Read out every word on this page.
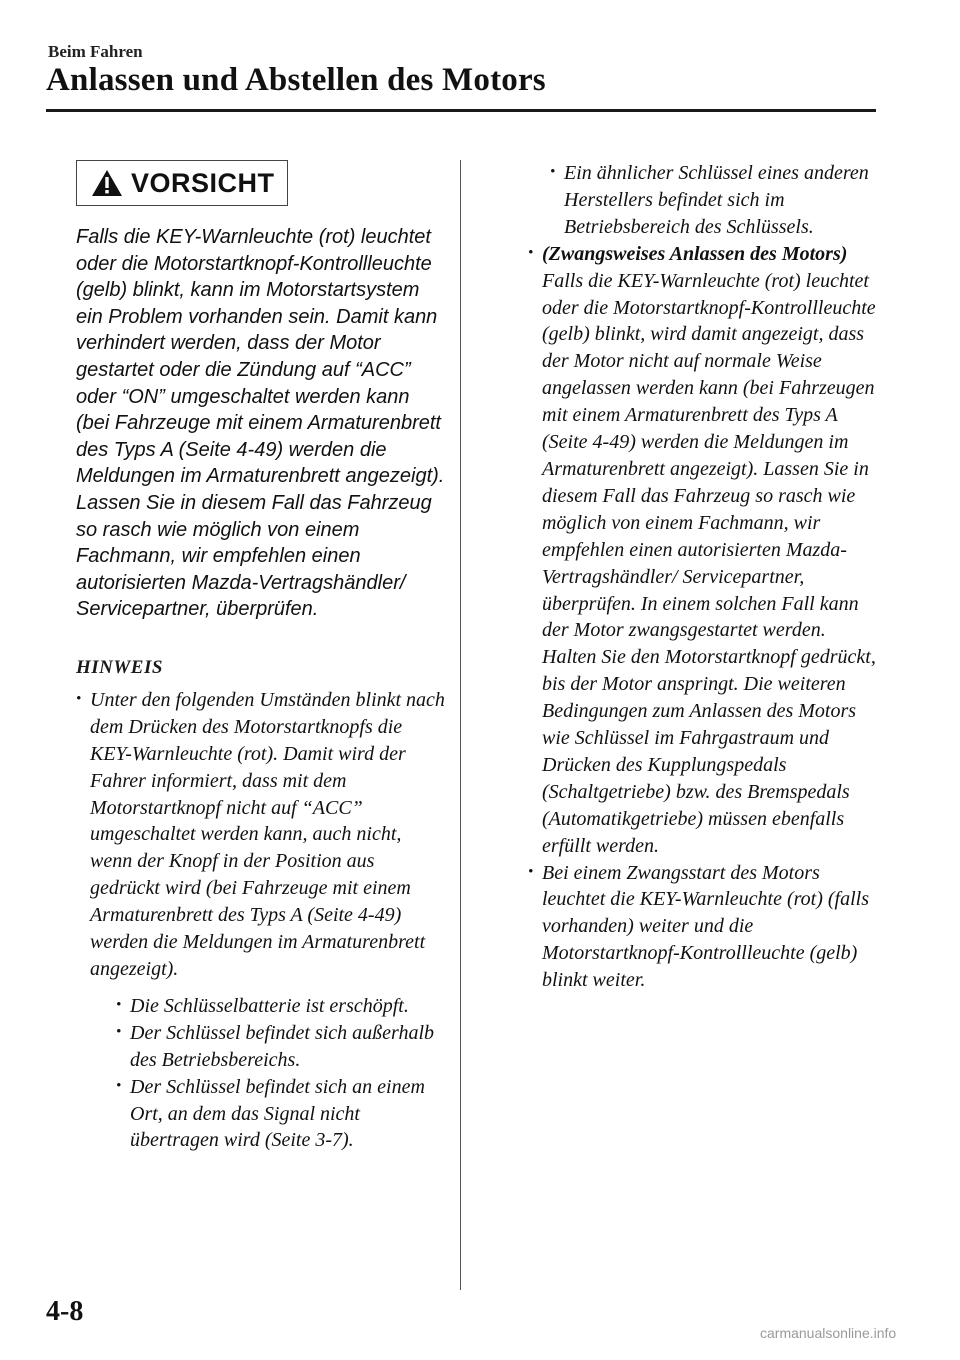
Beim Fahren
Anlassen und Abstellen des Motors
VORSICHT

Falls die KEY-Warnleuchte (rot) leuchtet oder die Motorstartknopf-Kontrollleuchte (gelb) blinkt, kann im Motorstartsystem ein Problem vorhanden sein. Damit kann verhindert werden, dass der Motor gestartet oder die Zündung auf “ACC” oder “ON” umgeschaltet werden kann (bei Fahrzeuge mit einem Armaturenbrett des Typs A (Seite 4-49) werden die Meldungen im Armaturenbrett angezeigt). Lassen Sie in diesem Fall das Fahrzeug so rasch wie möglich von einem Fachmann, wir empfehlen einen autorisierten Mazda-Vertragshändler/ Servicepartner, überprüfen.

HINWEIS
• Unter den folgenden Umständen blinkt nach dem Drücken des Motorstartknopfs die KEY-Warnleuchte (rot). Damit wird der Fahrer informiert, dass mit dem Motorstartknopf nicht auf “ACC” umgeschaltet werden kann, auch nicht, wenn der Knopf in der Position aus gedrückt wird (bei Fahrzeuge mit einem Armaturenbrett des Typs A (Seite 4-49) werden die Meldungen im Armaturenbrett angezeigt).
• Die Schlüsselbatterie ist erschöpft.
• Der Schlüssel befindet sich außerhalb des Betriebsbereichs.
• Der Schlüssel befindet sich an einem Ort, an dem das Signal nicht übertragen wird (Seite 3-7).
• Ein ähnlicher Schlüssel eines anderen Herstellers befindet sich im Betriebsbereich des Schlüssels.
• (Zwangsweises Anlassen des Motors)
Falls die KEY-Warnleuchte (rot) leuchtet oder die Motorstartknopf-Kontrollleuchte (gelb) blinkt, wird damit angezeigt, dass der Motor nicht auf normale Weise angelassen werden kann (bei Fahrzeugen mit einem Armaturenbrett des Typs A (Seite 4-49) werden die Meldungen im Armaturenbrett angezeigt). Lassen Sie in diesem Fall das Fahrzeug so rasch wie möglich von einem Fachmann, wir empfehlen einen autorisierten Mazda-Vertragshändler/ Servicepartner, überprüfen. In einem solchen Fall kann der Motor zwangsgestartet werden. Halten Sie den Motorstartknopf gedrückt, bis der Motor anspringt. Die weiteren Bedingungen zum Anlassen des Motors wie Schlüssel im Fahrgastraum und Drücken des Kupplungspedals (Schaltgetriebe) bzw. des Bremspedals (Automatikgetriebe) müssen ebenfalls erfüllt werden.
• Bei einem Zwangsstart des Motors leuchtet die KEY-Warnleuchte (rot) (falls vorhanden) weiter und die Motorstartknopf-Kontrollleuchte (gelb) blinkt weiter.
4-8
carmanualsonline.info
